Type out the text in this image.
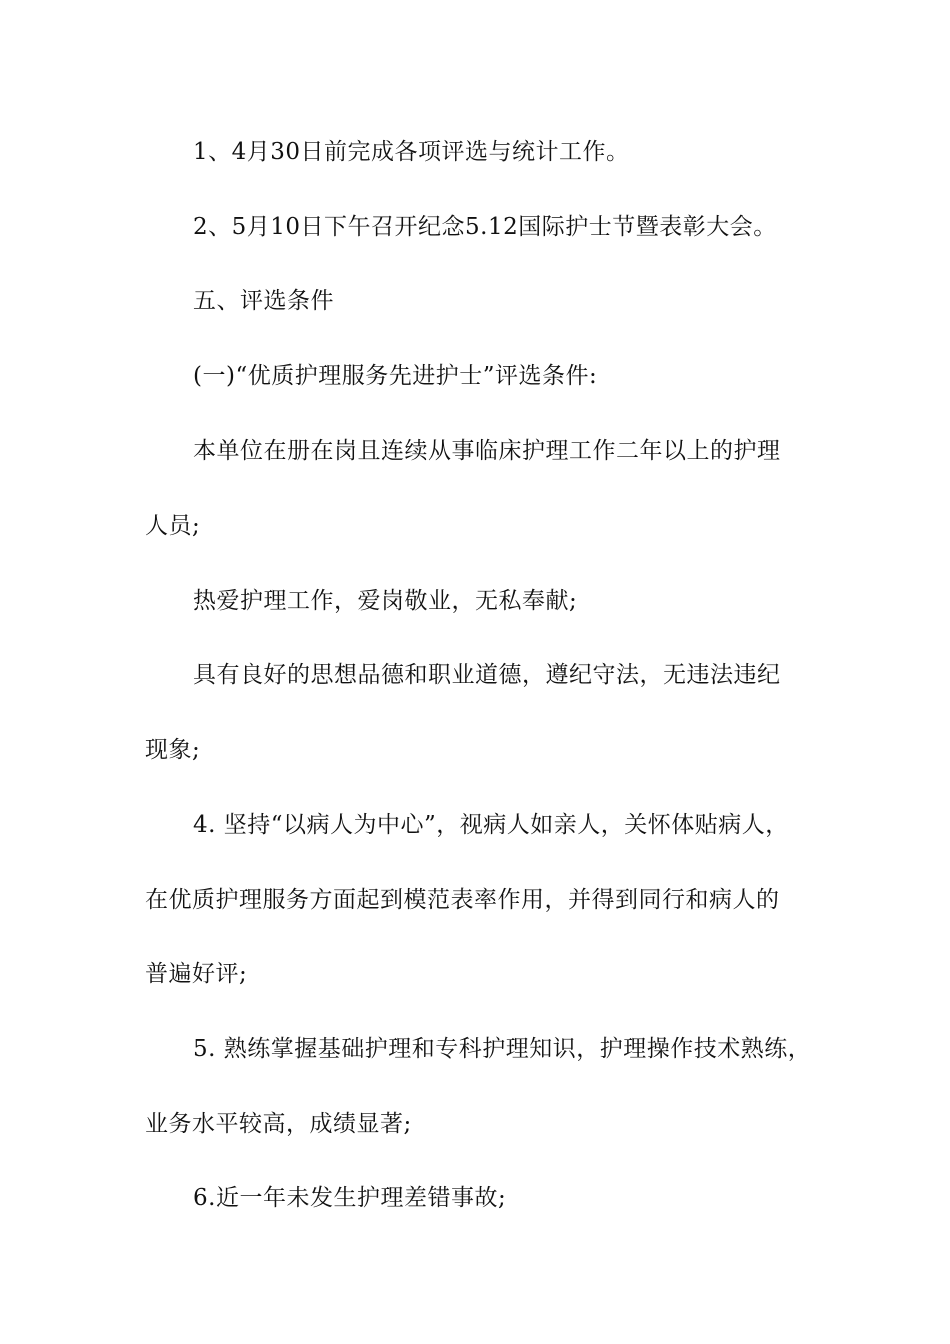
1、4月30日前完成各项评选与统计工作。
2、5月10日下午召开纪念5.12国际护士节暨表彰大会。
五、评选条件
(一)“优质护理服务先进护士”评选条件:
本单位在册在岗且连续从事临床护理工作二年以上的护理
人员;
热爱护理工作，爱岗敬业，无私奉献;
具有良好的思想品德和职业道德，遵纪守法，无违法违纪
现象;
4. 坚持“以病人为中心”，视病人如亲人，关怀体贴病人，
在优质护理服务方面起到模范表率作用，并得到同行和病人的
普遍好评;
5. 熟练掌握基础护理和专科护理知识，护理操作技术熟练，
业务水平较高，成绩显著;
6.近一年未发生护理差错事故;
